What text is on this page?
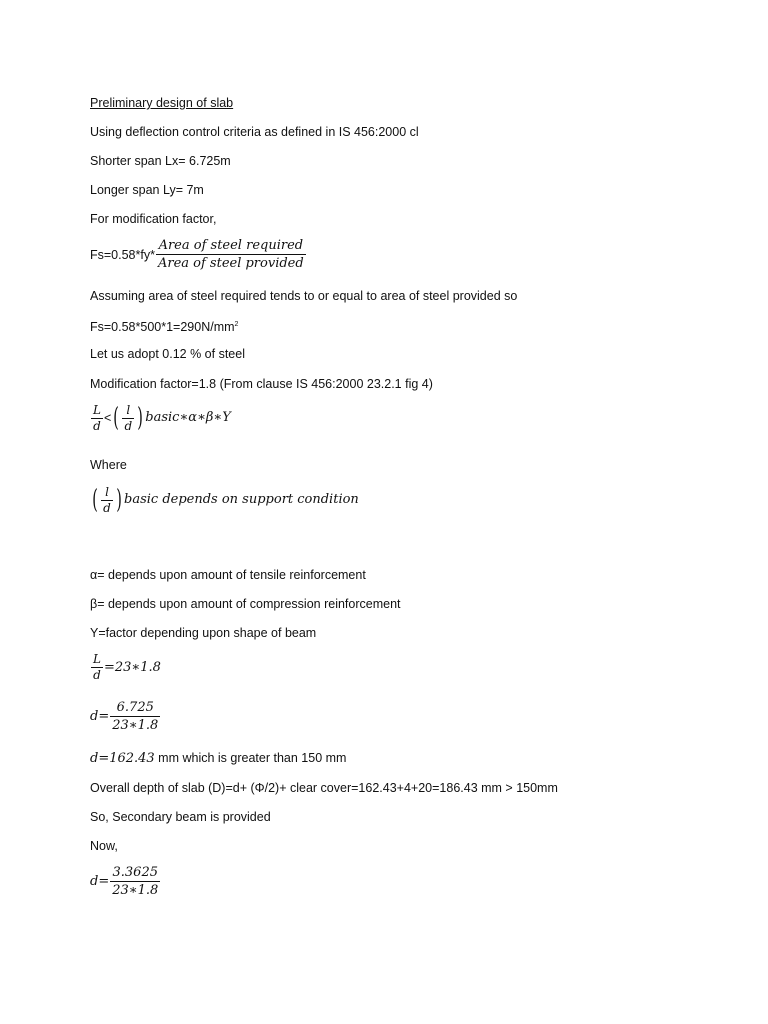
Preliminary design of slab
Using deflection control criteria as defined in IS 456:2000 cl
Shorter span Lx= 6.725m
Longer span Ly= 7m
For modification factor,
$Fs=0.58*fy* \frac{\text{Area of steel required}}{\text{Area of steel provided}}$
Assuming area of steel required tends to or equal to area of steel provided so
$Fs=0.58*500*1=290N/mm^2$
Let us adopt 0.12 % of steel
Modification factor=1.8 (From clause IS 456:2000 23.2.1 fig 4)
$\frac{L}{d}$ < ( $\frac{l}{d}$ ) basic∗α∗β∗Y
Where
( $\frac{l}{d}$ ) basic depends on support condition
α= depends upon amount of tensile reinforcement
β= depends upon amount of compression reinforcement
Y=factor depending upon shape of beam
$\frac{L}{d}$ =23∗1.8
$d= \frac{6.725}{23∗1.8}$
d=162.43 mm which is greater than 150 mm
Overall depth of slab (D)=d+ (Φ/2)+ clear cover=162.43+4+20=186.43 mm > 150mm
So, Secondary beam is provided
Now,
$d= \frac{3.3625}{23∗1.8}$
